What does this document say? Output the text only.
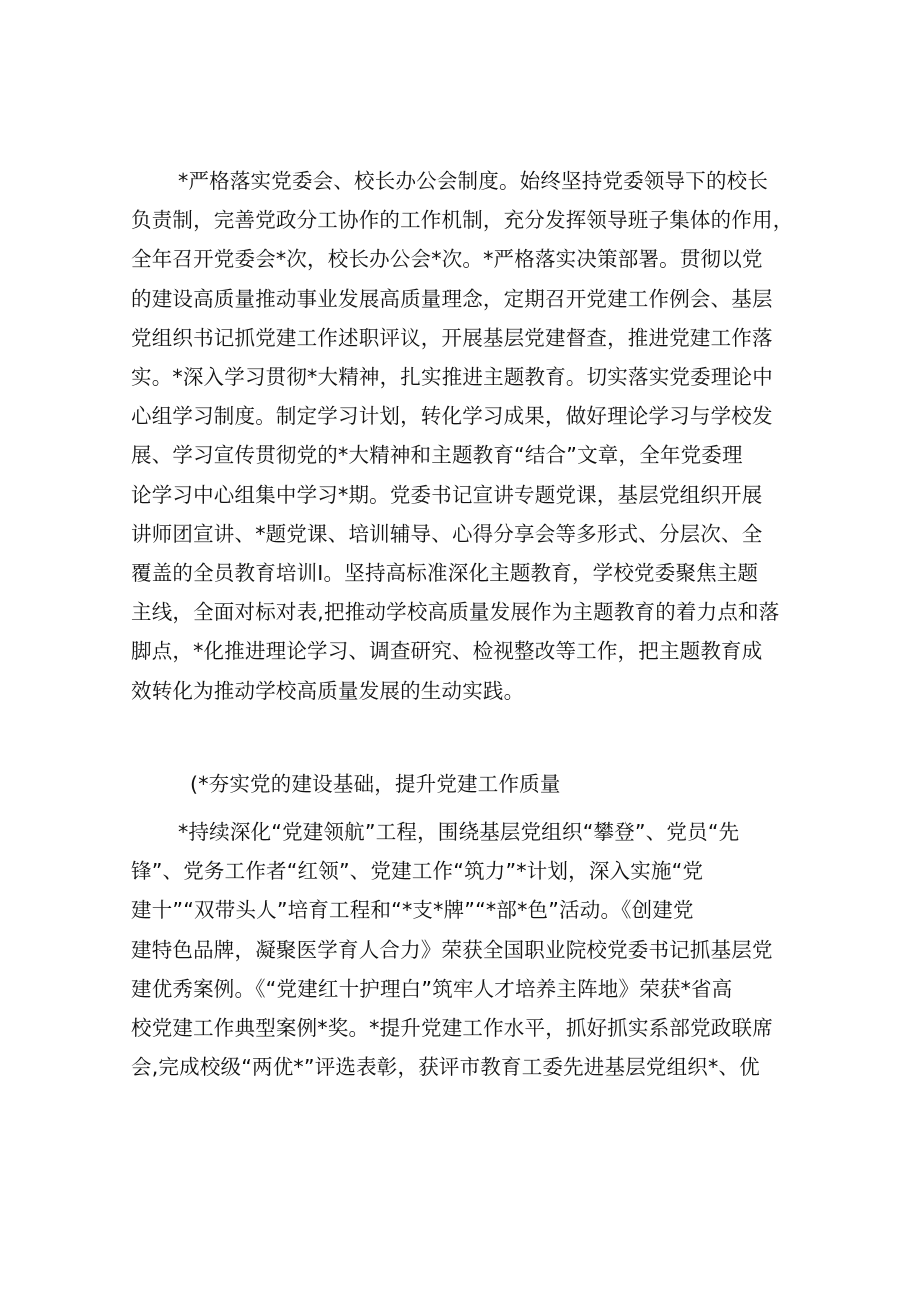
*严格落实党委会、校长办公会制度。始终坚持党委领导下的校长
负责制，完善党政分工协作的工作机制，充分发挥领导班子集体的作用，
全年召开党委会*次，校长办公会*次。*严格落实决策部署。贯彻以党
的建设高质量推动事业发展高质量理念，定期召开党建工作例会、基层
党组织书记抓党建工作述职评议，开展基层党建督查，推进党建工作落
实。*深入学习贯彻*大精神，扎实推进主题教育。切实落实党委理论中
心组学习制度。制定学习计划，转化学习成果，做好理论学习与学校发
展、学习宣传贯彻党的*大精神和主题教育“结合”文章，全年党委理
论学习中心组集中学习*期。党委书记宣讲专题党课，基层党组织开展
讲师团宣讲、*题党课、培训辅导、心得分享会等多形式、分层次、全
覆盖的全员教育培训I。坚持高标准深化主题教育，学校党委聚焦主题
主线，全面对标对表,把推动学校高质量发展作为主题教育的着力点和落
脚点，*化推进理论学习、调查研究、检视整改等工作，把主题教育成
效转化为推动学校高质量发展的生动实践。
(*夯实党的建设基础，提升党建工作质量
*持续深化“党建领航”工程，围绕基层党组织“攀登”、党员“先
锋”、党务工作者“红领”、党建工作“筑力”*计划，深入实施“党
建十”“双带头人”培育工程和“*支*牌”“*部*色”活动。《创建党
建特色品牌，凝聚医学育人合力》荣获全国职业院校党委书记抓基层党
建优秀案例。《“党建红十护理白”筑牢人才培养主阵地》荣获*省高
校党建工作典型案例*奖。*提升党建工作水平，抓好抓实系部党政联席
会,完成校级“两优*”评选表彰，获评市教育工委先进基层党组织*、优
